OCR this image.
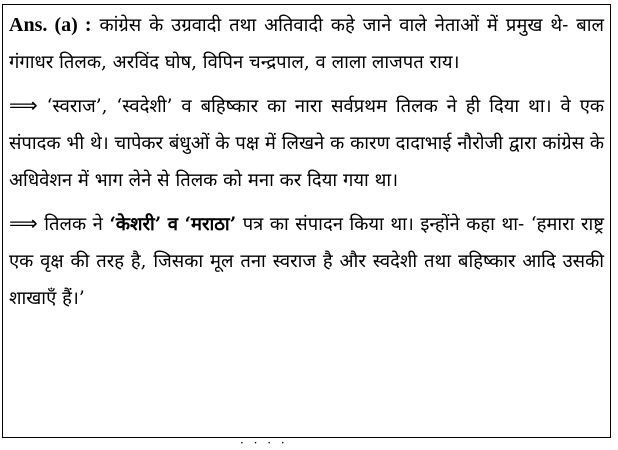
Ans. (a) : कांग्रेस के उग्रवादी तथा अतिवादी कहे जाने वाले नेताओं में प्रमुख थे- बाल गंगाधर तिलक, अरविंद घोष, विपिन चन्द्रपाल, व लाला लाजपत राय।

⟹ ‘स्वराज’, ‘स्वदेशी’ व बहिष्कार का नारा सर्वप्रथम तिलक ने ही दिया था। वे एक संपादक भी थे। चापेकर बंधुओं के पक्ष में लिखने क कारण दादाभाई नौरोजी द्वारा कांग्रेस के अधिवेशन में भाग लेने से तिलक को मना कर दिया गया था।

⟹ तिलक ने ‘केशरी’ व ‘मराठा’ पत्र का संपादन किया था। इन्होंने कहा था- ‘हमारा राष्ट्र एक वृक्ष की तरह है, जिसका मूल तना स्वराज है और स्वदेशी तथा बहिष्कार आदि उसकी शाखाएँ हैं।’

· · · ·
